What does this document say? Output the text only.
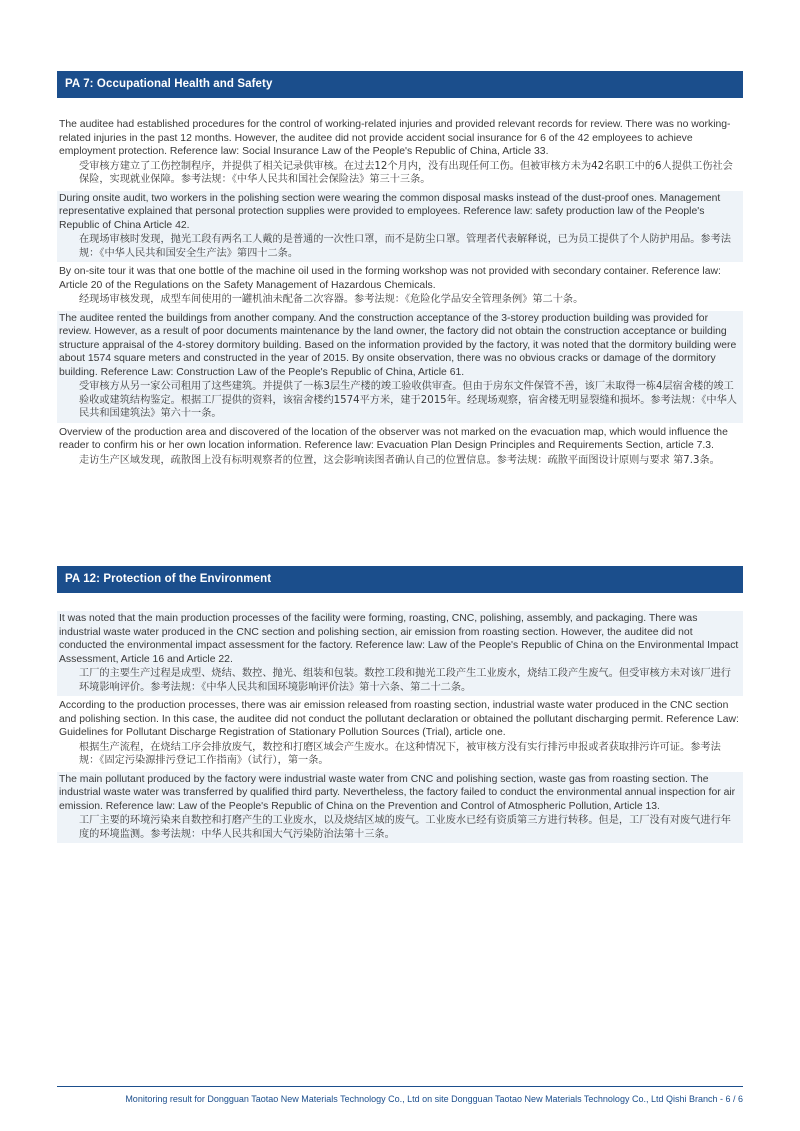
PA 7: Occupational Health and Safety

The auditee had established procedures for the control of working-related injuries and provided relevant records for review. There was no working-related injuries in the past 12 months. However, the auditee did not provide accident social insurance for 6 of the 42 employees to achieve employment protection. Reference law: Social Insurance Law of the People's Republic of China, Article 33.

受审核方建立了工伤控制程序，并提供了相关记录供审核。在过去12个月内，没有出现任何工伤。但被审核方未为42名职工中的6人提供工伤社会保险，实现就业保障。参考法规：《中华人民共和国社会保险法》第三十三条。

During onsite audit, two workers in the polishing section were wearing the common disposal masks instead of the dust-proof ones. Management representative explained that personal protection supplies were provided to employees. Reference law: safety production law of the People's Republic of China Article 42.

在现场审核时发现，抛光工段有两名工人戴的是普通的一次性口罩，而不是防尘口罩。管理者代表解释说，已为员工提供了个人防护用品。参考法规：《中华人民共和国安全生产法》第四十二条。

By on-site tour it was that one bottle of the machine oil used in the forming workshop was not provided with secondary container. Reference law: Article 20 of the Regulations on the Safety Management of Hazardous Chemicals.

经现场审核发现，成型车间使用的一罐机油未配备二次容器。参考法规：《危险化学品安全管理条例》第二十条。

The auditee rented the buildings from another company. And the construction acceptance of the 3-storey production building was provided for review. However, as a result of poor documents maintenance by the land owner, the factory did not obtain the construction acceptance or building structure appraisal of the 4-storey dormitory building. Based on the information provided by the factory, it was noted that the dormitory building were about 1574 square meters and constructed in the year of 2015. By onsite observation, there was no obvious cracks or damage of the dormitory building. Reference Law: Construction Law of the People's Republic of China, Article 61.

受审核方从另一家公司租用了这些建筑。并提供了一栋3层生产楼的竣工验收供审查。但由于房东文件保管不善，该厂未取得一栋4层宿舍楼的竣工验收或建筑结构鉴定。根据工厂提供的资料，该宿舍楼约1574平方米，建于2015年。经现场观察，宿舍楼无明显裂缝和损坏。参考法规：《中华人民共和国建筑法》第六十一条。

Overview of the production area and discovered of the location of the observer was not marked on the evacuation map, which would influence the reader to confirm his or her own location information. Reference law: Evacuation Plan Design Principles and Requirements Section, article 7.3.

走访生产区域发现，疏散图上没有标明观察者的位置，这会影响读图者确认自己的位置信息。参考法规：疏散平面图设计原则与要求 第7.3条。

PA 12: Protection of the Environment

It was noted that the main production processes of the facility were forming, roasting, CNC, polishing, assembly, and packaging. There was industrial waste water produced in the CNC section and polishing section, air emission from roasting section. However, the auditee did not conducted the environmental impact assessment for the factory. Reference law: Law of the People's Republic of China on the Environmental Impact Assessment, Article 16 and Article 22.

工厂的主要生产过程是成型、烧结、数控、抛光、组装和包装。数控工段和抛光工段产生工业废水，烧结工段产生废气。但受审核方未对该厂进行环境影响评价。参考法规：《中华人民共和国环境影响评价法》第十六条、第二十二条。

According to the production processes, there was air emission released from roasting section, industrial waste water produced in the CNC section and polishing section. In this case, the auditee did not conduct the pollutant declaration or obtained the pollutant discharging permit. Reference Law: Guidelines for Pollutant Discharge Registration of Stationary Pollution Sources (Trial), article one.

根据生产流程，在烧结工序会排放废气，数控和打磨区域会产生废水。在这种情况下，被审核方没有实行排污申报或者获取排污许可证。参考法规：《固定污染源排污登记工作指南》（试行），第一条。

The main pollutant produced by the factory were industrial waste water from CNC and polishing section, waste gas from roasting section. The industrial waste water was transferred by qualified third party. Nevertheless, the factory failed to conduct the environmental annual inspection for air emission. Reference law: Law of the People's Republic of China on the Prevention and Control of Atmospheric Pollution, Article 13.

工厂主要的环境污染来自数控和打磨产生的工业废水，以及烧结区域的废气。工业废水已经有资质第三方进行转移。但是，工厂没有对废气进行年度的环境监测。参考法规：中华人民共和国大气污染防治法第十三条。

Monitoring result for Dongguan Taotao New Materials Technology Co., Ltd on site Dongguan Taotao New Materials Technology Co., Ltd Qishi Branch - 6 / 6
